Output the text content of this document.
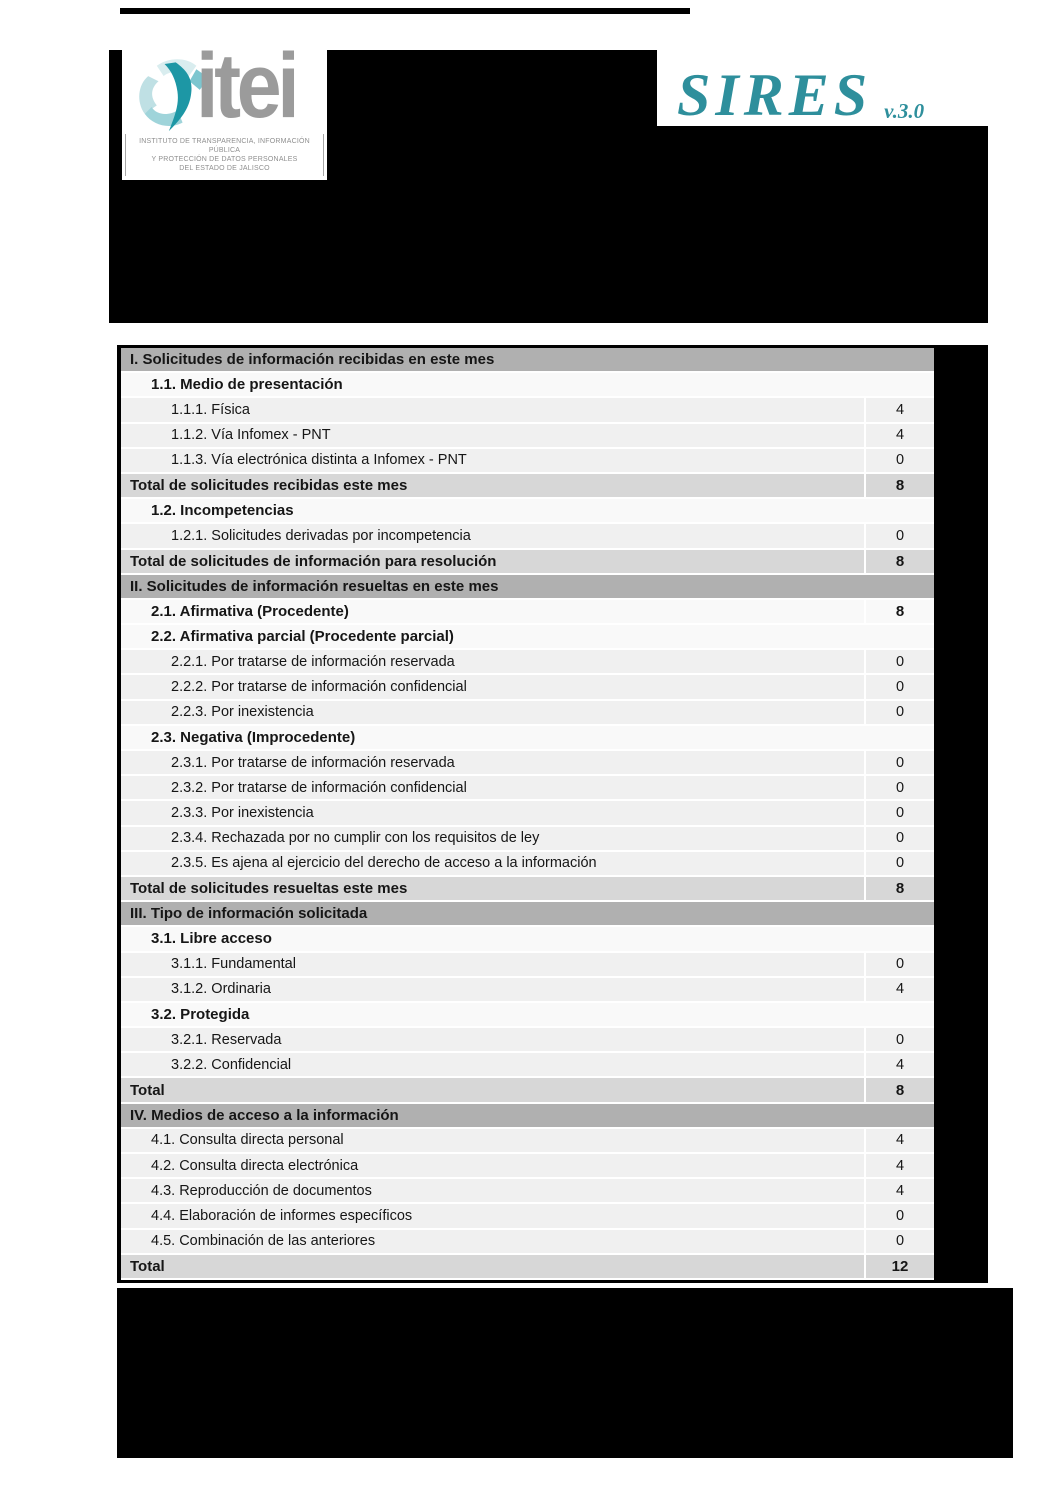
itei
INSTITUTO DE TRANSPARENCIA, INFORMACIÓN PÚBLICA
Y PROTECCIÓN DE DATOS PERSONALES
DEL ESTADO DE JALISCO
SIRES v.3.0
I. Solicitudes de información recibidas en este mes
1.1. Medio de presentación
1.1.1. Física	4
1.1.2. Vía Infomex - PNT	4
1.1.3. Vía electrónica distinta a Infomex - PNT	0
Total de solicitudes recibidas este mes	8
1.2. Incompetencias
1.2.1. Solicitudes derivadas por incompetencia	0
Total de solicitudes de información para resolución	8
II. Solicitudes de información resueltas en este mes
2.1. Afirmativa (Procedente)	8
2.2. Afirmativa parcial (Procedente parcial)
2.2.1. Por tratarse de información reservada	0
2.2.2. Por tratarse de información confidencial	0
2.2.3. Por inexistencia	0
2.3. Negativa (Improcedente)
2.3.1. Por tratarse de información reservada	0
2.3.2. Por tratarse de información confidencial	0
2.3.3. Por inexistencia	0
2.3.4. Rechazada por no cumplir con los requisitos de ley	0
2.3.5. Es ajena al ejercicio del derecho de acceso a la información	0
Total de solicitudes resueltas este mes	8
III. Tipo de información solicitada
3.1. Libre acceso
3.1.1. Fundamental	0
3.1.2. Ordinaria	4
3.2. Protegida
3.2.1. Reservada	0
3.2.2. Confidencial	4
Total	8
IV. Medios de acceso a la información
4.1. Consulta directa personal	4
4.2. Consulta directa electrónica	4
4.3. Reproducción de documentos	4
4.4. Elaboración de informes específicos	0
4.5. Combinación de las anteriores	0
Total	12
